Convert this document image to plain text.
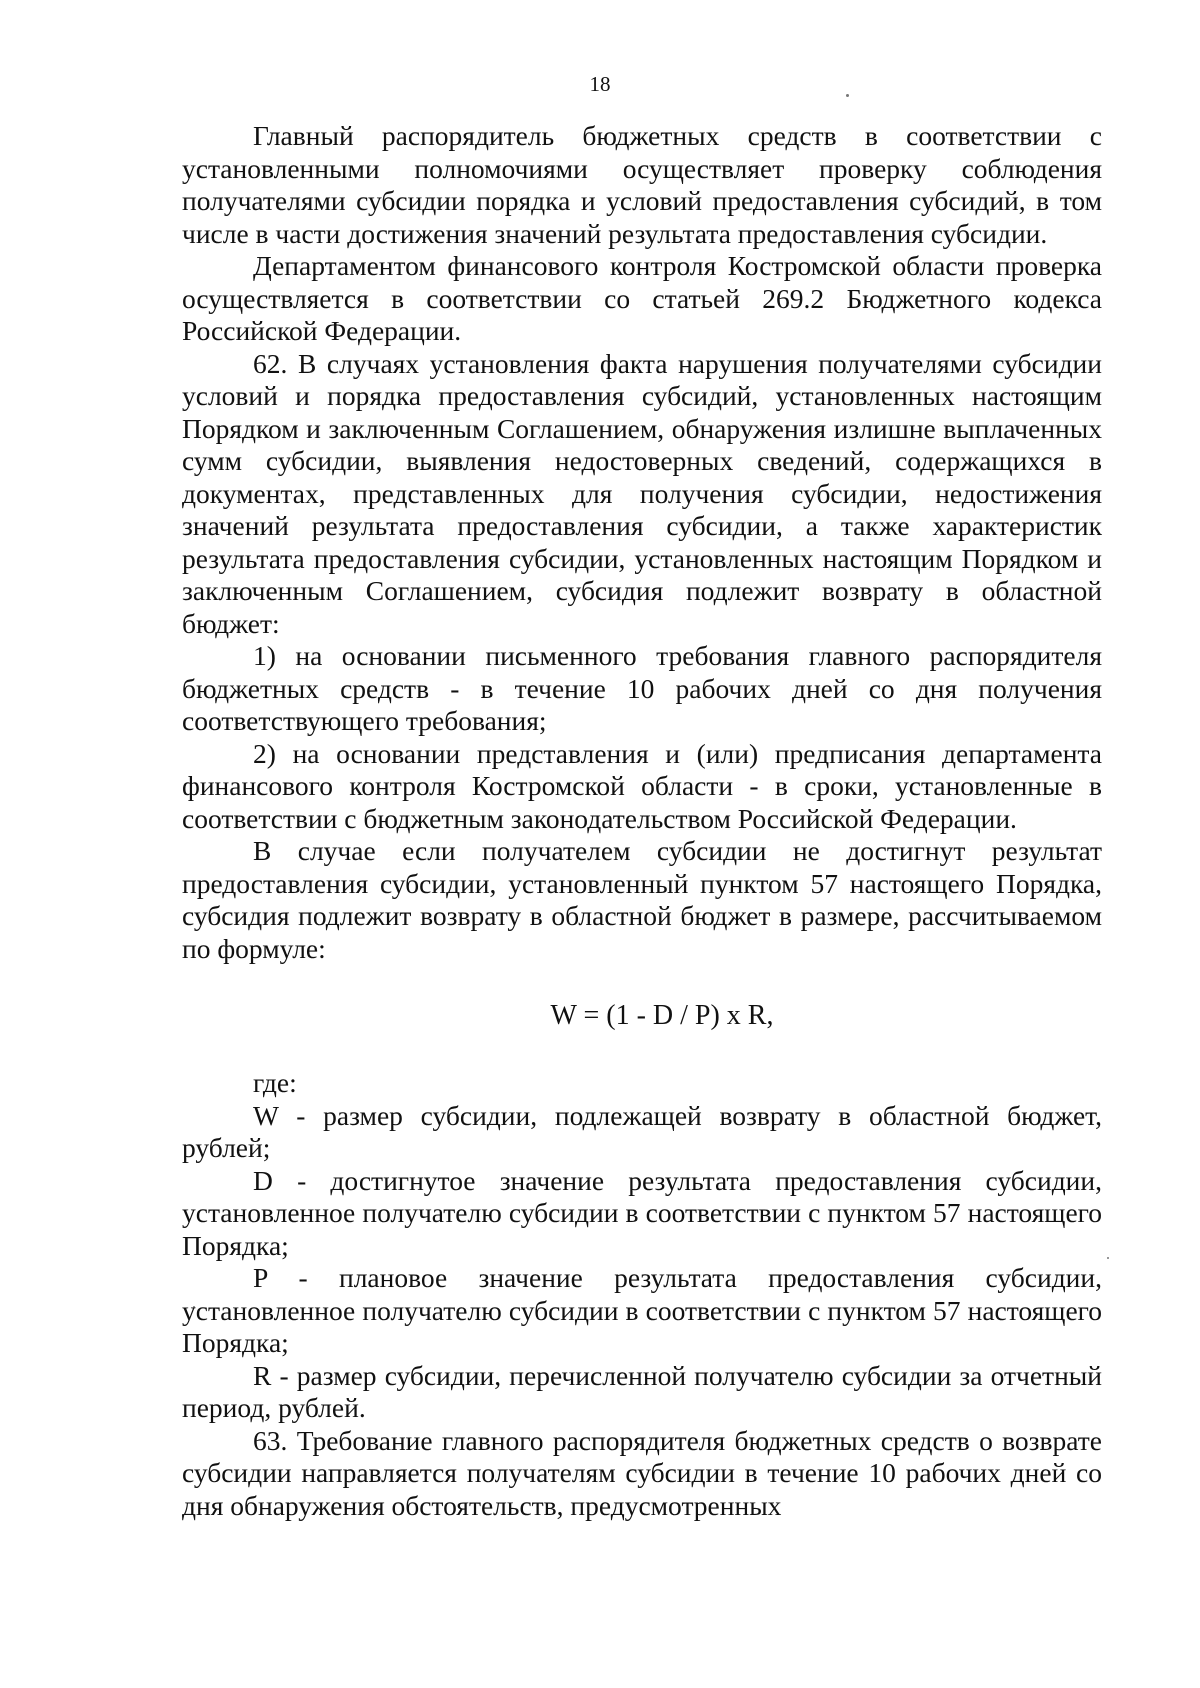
18

Главный распорядитель бюджетных средств в соответствии с установленными полномочиями осуществляет проверку соблюдения получателями субсидии порядка и условий предоставления субсидий, в том числе в части достижения значений результата предоставления субсидии.

Департаментом финансового контроля Костромской области проверка осуществляется в соответствии со статьей 269.2 Бюджетного кодекса Российской Федерации.

62. В случаях установления факта нарушения получателями субсидии условий и порядка предоставления субсидий, установленных настоящим Порядком и заключенным Соглашением, обнаружения излишне выплаченных сумм субсидии, выявления недостоверных сведений, содержащихся в документах, представленных для получения субсидии, недостижения значений результата предоставления субсидии, а также характеристик результата предоставления субсидии, установленных настоящим Порядком и заключенным Соглашением, субсидия подлежит возврату в областной бюджет:

1) на основании письменного требования главного распорядителя бюджетных средств - в течение 10 рабочих дней со дня получения соответствующего требования;

2) на основании представления и (или) предписания департамента финансового контроля Костромской области - в сроки, установленные в соответствии с бюджетным законодательством Российской Федерации.

В случае если получателем субсидии не достигнут результат предоставления субсидии, установленный пунктом 57 настоящего Порядка, субсидия подлежит возврату в областной бюджет в размере, рассчитываемом по формуле:

W = (1 - D / P) x R,

где:

W - размер субсидии, подлежащей возврату в областной бюджет, рублей;

D - достигнутое значение результата предоставления субсидии, установленное получателю субсидии в соответствии с пунктом 57 настоящего Порядка;

P - плановое значение результата предоставления субсидии, установленное получателю субсидии в соответствии с пунктом 57 настоящего Порядка;

R - размер субсидии, перечисленной получателю субсидии за отчетный период, рублей.

63. Требование главного распорядителя бюджетных средств о возврате субсидии направляется получателям субсидии в течение 10 рабочих дней со дня обнаружения обстоятельств, предусмотренных
